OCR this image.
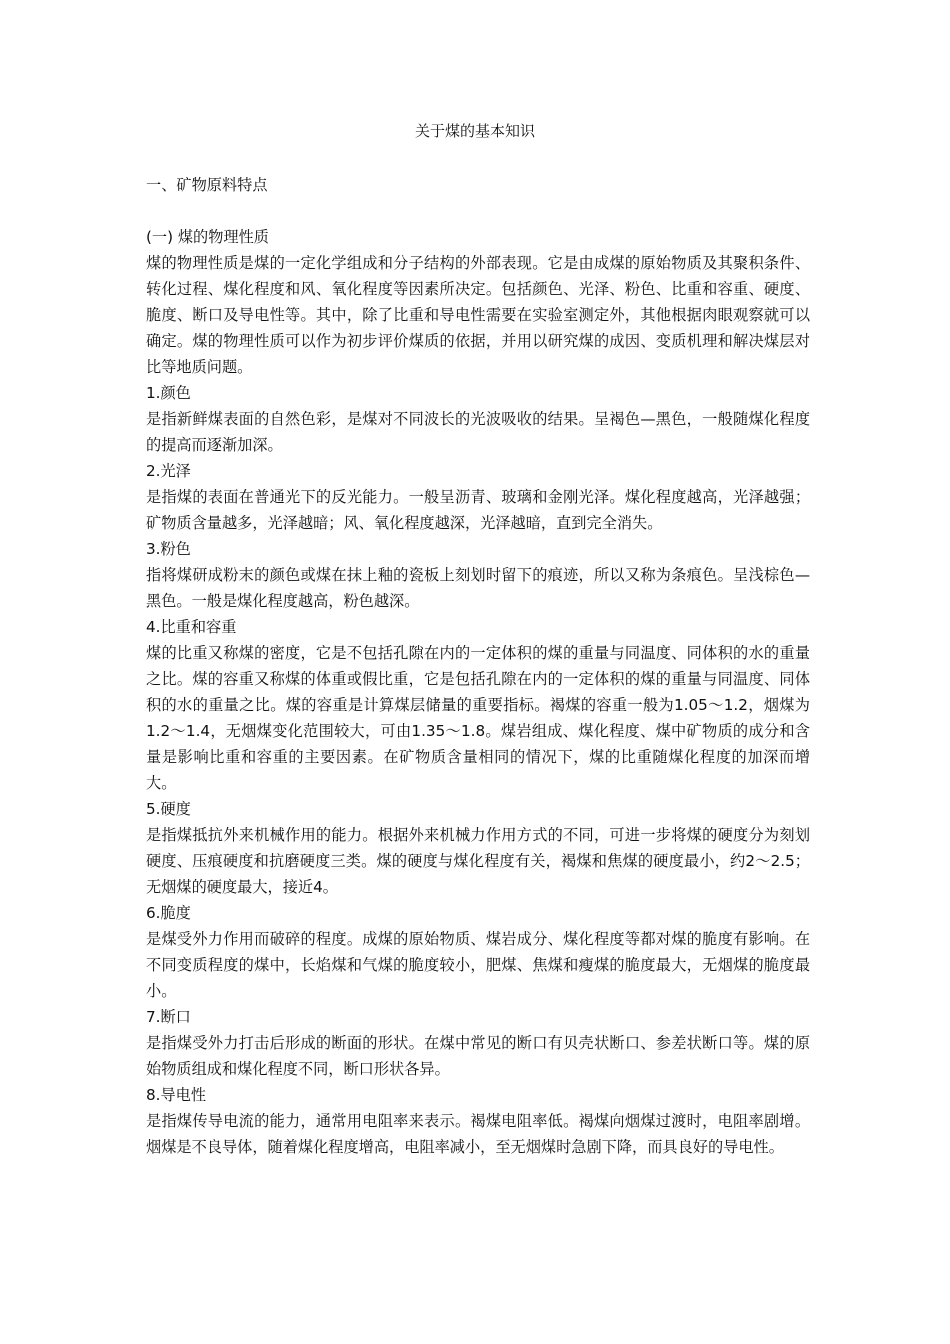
关于煤的基本知识
一、矿物原料特点
(一) 煤的物理性质

煤的物理性质是煤的一定化学组成和分子结构的外部表现。它是由成煤的原始物质及其聚积条件、转化过程、煤化程度和风、氧化程度等因素所决定。包括颜色、光泽、粉色、比重和容重、硬度、脆度、断口及导电性等。其中，除了比重和导电性需要在实验室测定外，其他根据肉眼观察就可以确定。煤的物理性质可以作为初步评价煤质的依据，并用以研究煤的成因、变质机理和解决煤层对比等地质问题。

1.颜色

是指新鲜煤表面的自然色彩，是煤对不同波长的光波吸收的结果。呈褐色—黑色，一般随煤化程度的提高而逐渐加深。

2.光泽

是指煤的表面在普通光下的反光能力。一般呈沥青、玻璃和金刚光泽。煤化程度越高，光泽越强；矿物质含量越多，光泽越暗；风、氧化程度越深，光泽越暗，直到完全消失。

3.粉色

指将煤研成粉末的颜色或煤在抹上釉的瓷板上刻划时留下的痕迹，所以又称为条痕色。呈浅棕色—黑色。一般是煤化程度越高，粉色越深。

4.比重和容重

煤的比重又称煤的密度，它是不包括孔隙在内的一定体积的煤的重量与同温度、同体积的水的重量之比。煤的容重又称煤的体重或假比重，它是包括孔隙在内的一定体积的煤的重量与同温度、同体积的水的重量之比。煤的容重是计算煤层储量的重要指标。褐煤的容重一般为1.05～1.2，烟煤为1.2～1.4，无烟煤变化范围较大，可由1.35～1.8。煤岩组成、煤化程度、煤中矿物质的成分和含量是影响比重和容重的主要因素。在矿物质含量相同的情况下，煤的比重随煤化程度的加深而增大。

5.硬度

是指煤抵抗外来机械作用的能力。根据外来机械力作用方式的不同，可进一步将煤的硬度分为刻划硬度、压痕硬度和抗磨硬度三类。煤的硬度与煤化程度有关，褐煤和焦煤的硬度最小，约2～2.5；无烟煤的硬度最大，接近4。

6.脆度

是煤受外力作用而破碎的程度。成煤的原始物质、煤岩成分、煤化程度等都对煤的脆度有影响。在不同变质程度的煤中，长焰煤和气煤的脆度较小，肥煤、焦煤和瘦煤的脆度最大，无烟煤的脆度最小。

7.断口

是指煤受外力打击后形成的断面的形状。在煤中常见的断口有贝壳状断口、参差状断口等。煤的原始物质组成和煤化程度不同，断口形状各异。

8.导电性

是指煤传导电流的能力，通常用电阻率来表示。褐煤电阻率低。褐煤向烟煤过渡时，电阻率剧增。烟煤是不良导体，随着煤化程度增高，电阻率减小，至无烟煤时急剧下降，而具良好的导电性。
